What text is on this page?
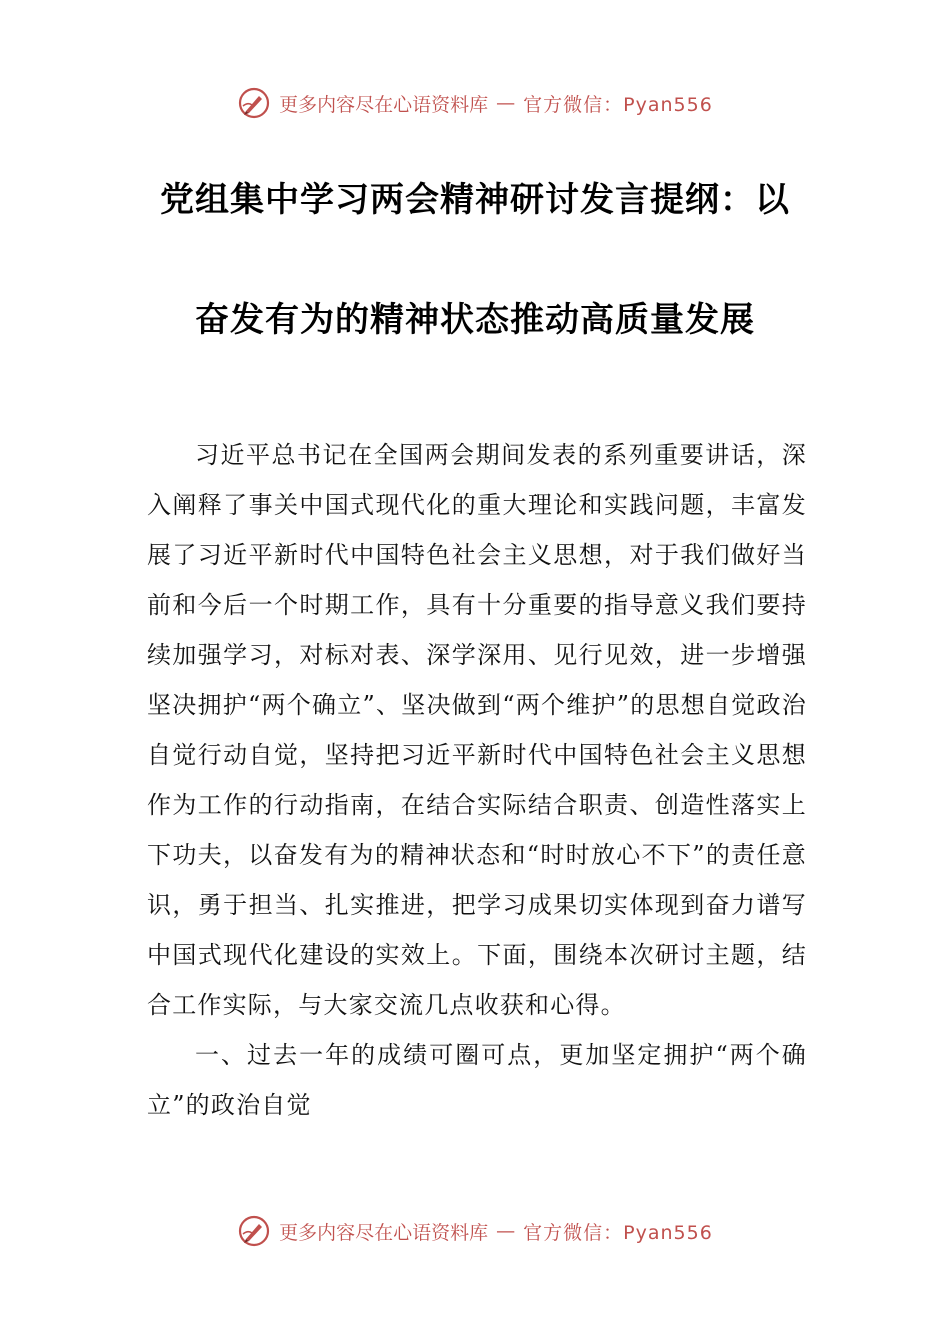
更多内容尽在心语资料库 — 官方微信：Pyan556
党组集中学习两会精神研讨发言提纲：以
奋发有为的精神状态推动高质量发展

习近平总书记在全国两会期间发表的系列重要讲话，深入阐释了事关中国式现代化的重大理论和实践问题，丰富发展了习近平新时代中国特色社会主义思想，对于我们做好当前和今后一个时期工作，具有十分重要的指导意义我们要持续加强学习，对标对表、深学深用、见行见效，进一步增强坚决拥护“两个确立”、坚决做到“两个维护”的思想自觉政治自觉行动自觉，坚持把习近平新时代中国特色社会主义思想作为工作的行动指南，在结合实际结合职责、创造性落实上下功夫，以奋发有为的精神状态和“时时放心不下”的责任意识，勇于担当、扎实推进，把学习成果切实体现到奋力谱写中国式现代化建设的实效上。下面，围绕本次研讨主题，结合工作实际，与大家交流几点收获和心得。

一、过去一年的成绩可圈可点，更加坚定拥护“两个确立”的政治自觉

更多内容尽在心语资料库 — 官方微信：Pyan556
